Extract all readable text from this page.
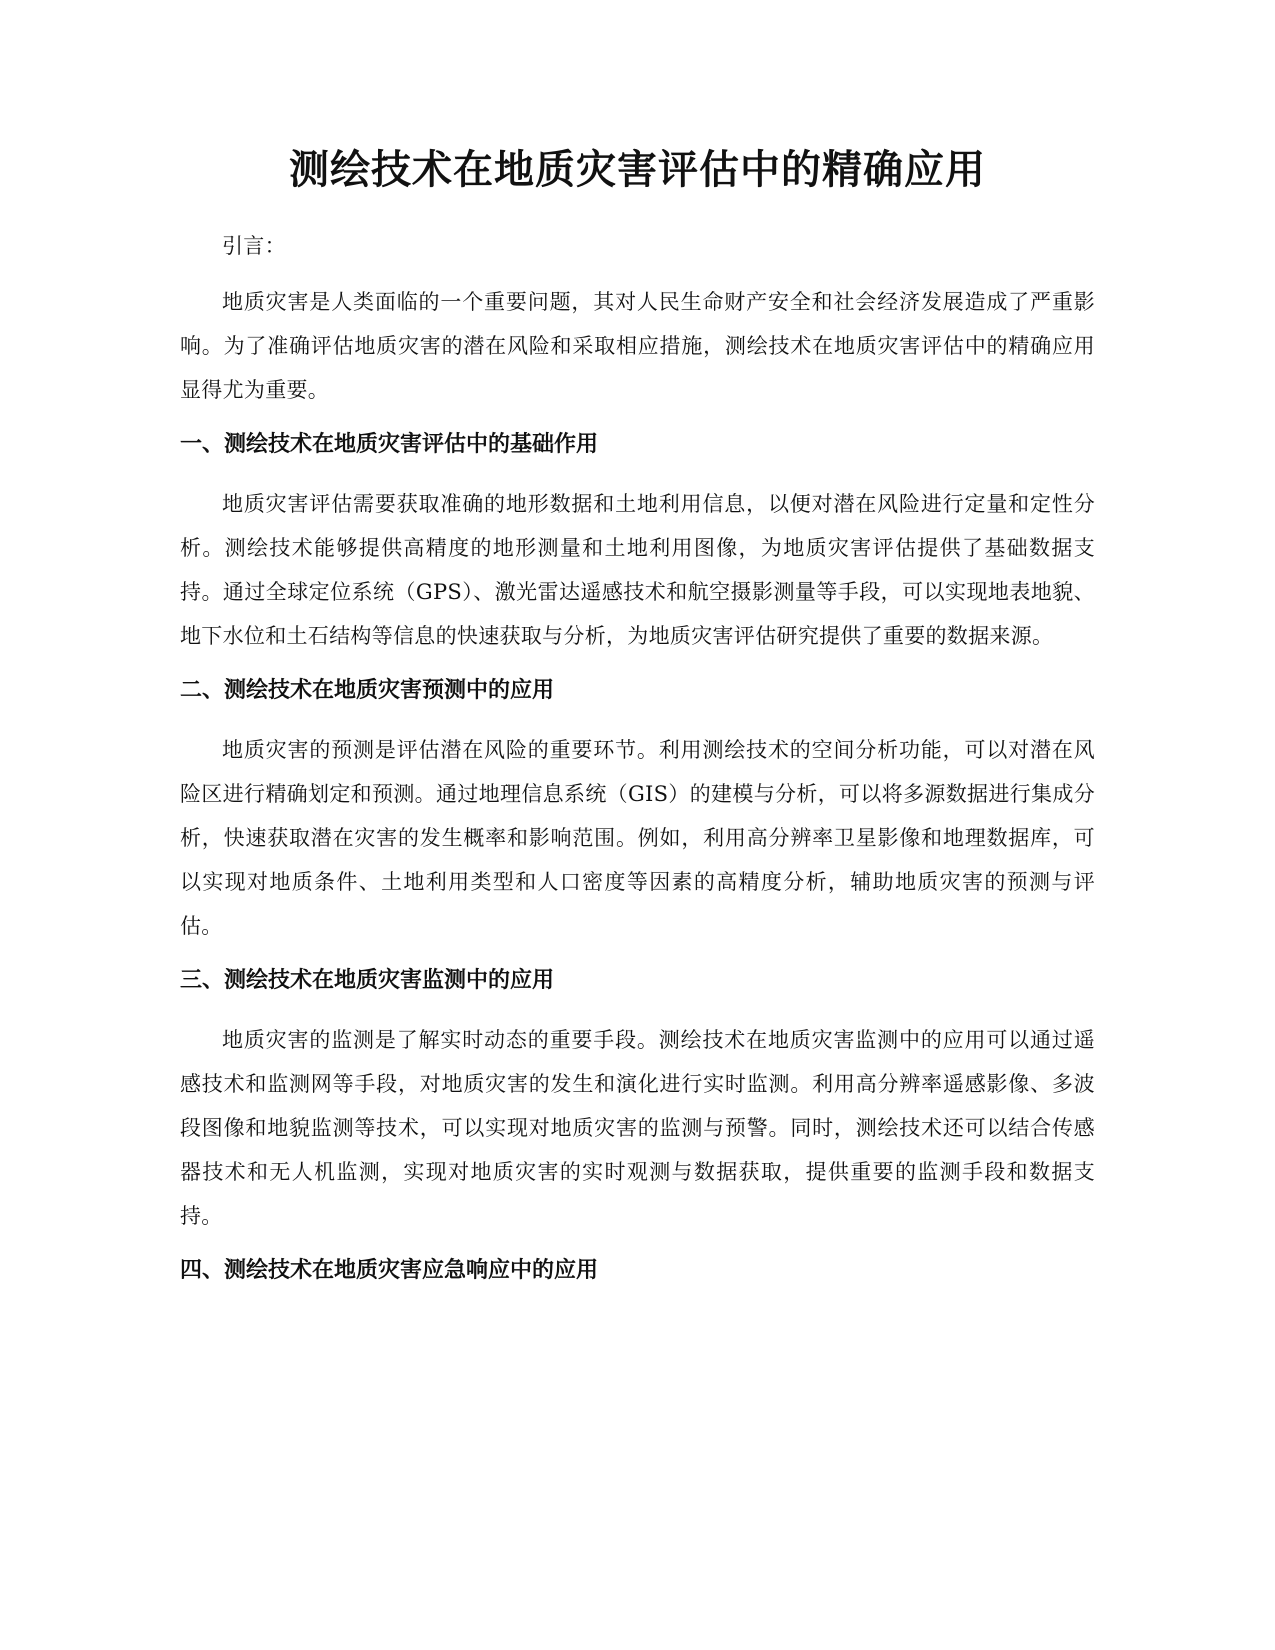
测绘技术在地质灾害评估中的精确应用

引言：

地质灾害是人类面临的一个重要问题，其对人民生命财产安全和社会经济发展造成了严重影响。为了准确评估地质灾害的潜在风险和采取相应措施，测绘技术在地质灾害评估中的精确应用显得尤为重要。

一、测绘技术在地质灾害评估中的基础作用

地质灾害评估需要获取准确的地形数据和土地利用信息，以便对潜在风险进行定量和定性分析。测绘技术能够提供高精度的地形测量和土地利用图像，为地质灾害评估提供了基础数据支持。通过全球定位系统（GPS）、激光雷达遥感技术和航空摄影测量等手段，可以实现地表地貌、地下水位和土石结构等信息的快速获取与分析，为地质灾害评估研究提供了重要的数据来源。

二、测绘技术在地质灾害预测中的应用

地质灾害的预测是评估潜在风险的重要环节。利用测绘技术的空间分析功能，可以对潜在风险区进行精确划定和预测。通过地理信息系统（GIS）的建模与分析，可以将多源数据进行集成分析，快速获取潜在灾害的发生概率和影响范围。例如，利用高分辨率卫星影像和地理数据库，可以实现对地质条件、土地利用类型和人口密度等因素的高精度分析，辅助地质灾害的预测与评估。

三、测绘技术在地质灾害监测中的应用

地质灾害的监测是了解实时动态的重要手段。测绘技术在地质灾害监测中的应用可以通过遥感技术和监测网等手段，对地质灾害的发生和演化进行实时监测。利用高分辨率遥感影像、多波段图像和地貌监测等技术，可以实现对地质灾害的监测与预警。同时，测绘技术还可以结合传感器技术和无人机监测，实现对地质灾害的实时观测与数据获取，提供重要的监测手段和数据支持。

四、测绘技术在地质灾害应急响应中的应用
